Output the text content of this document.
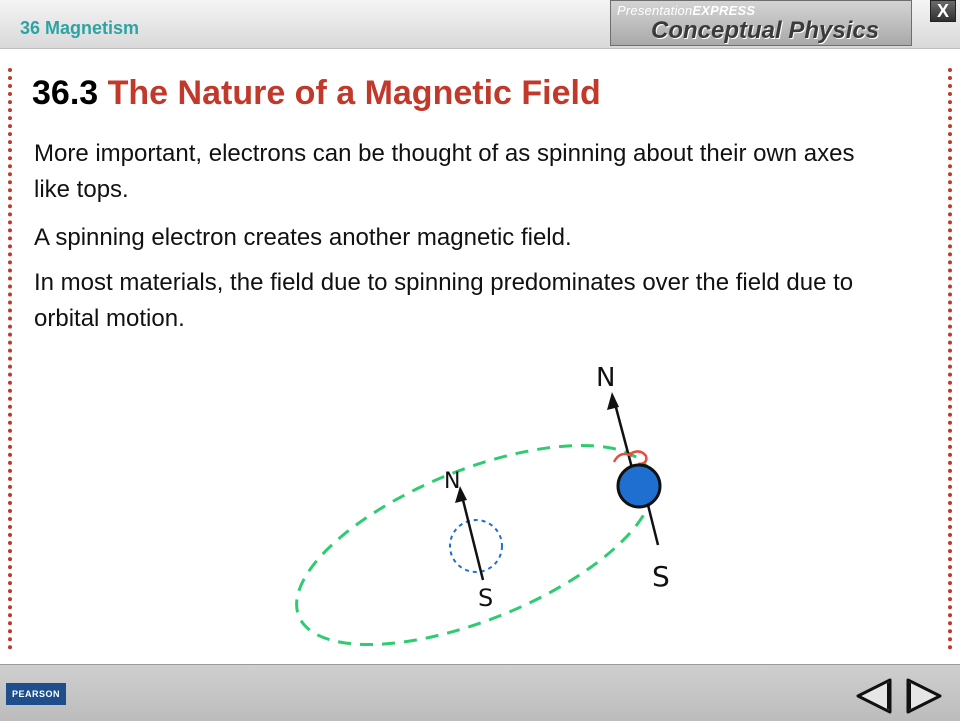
36 Magnetism
PresentationEXPRESS
Conceptual Physics
X
36.3 The Nature of a Magnetic Field

More important, electrons can be thought of as spinning about their own axes like tops.

A spinning electron creates another magnetic field.

In most materials, the field due to spinning predominates over the field due to orbital motion.

N
S
N
S
PEARSON
